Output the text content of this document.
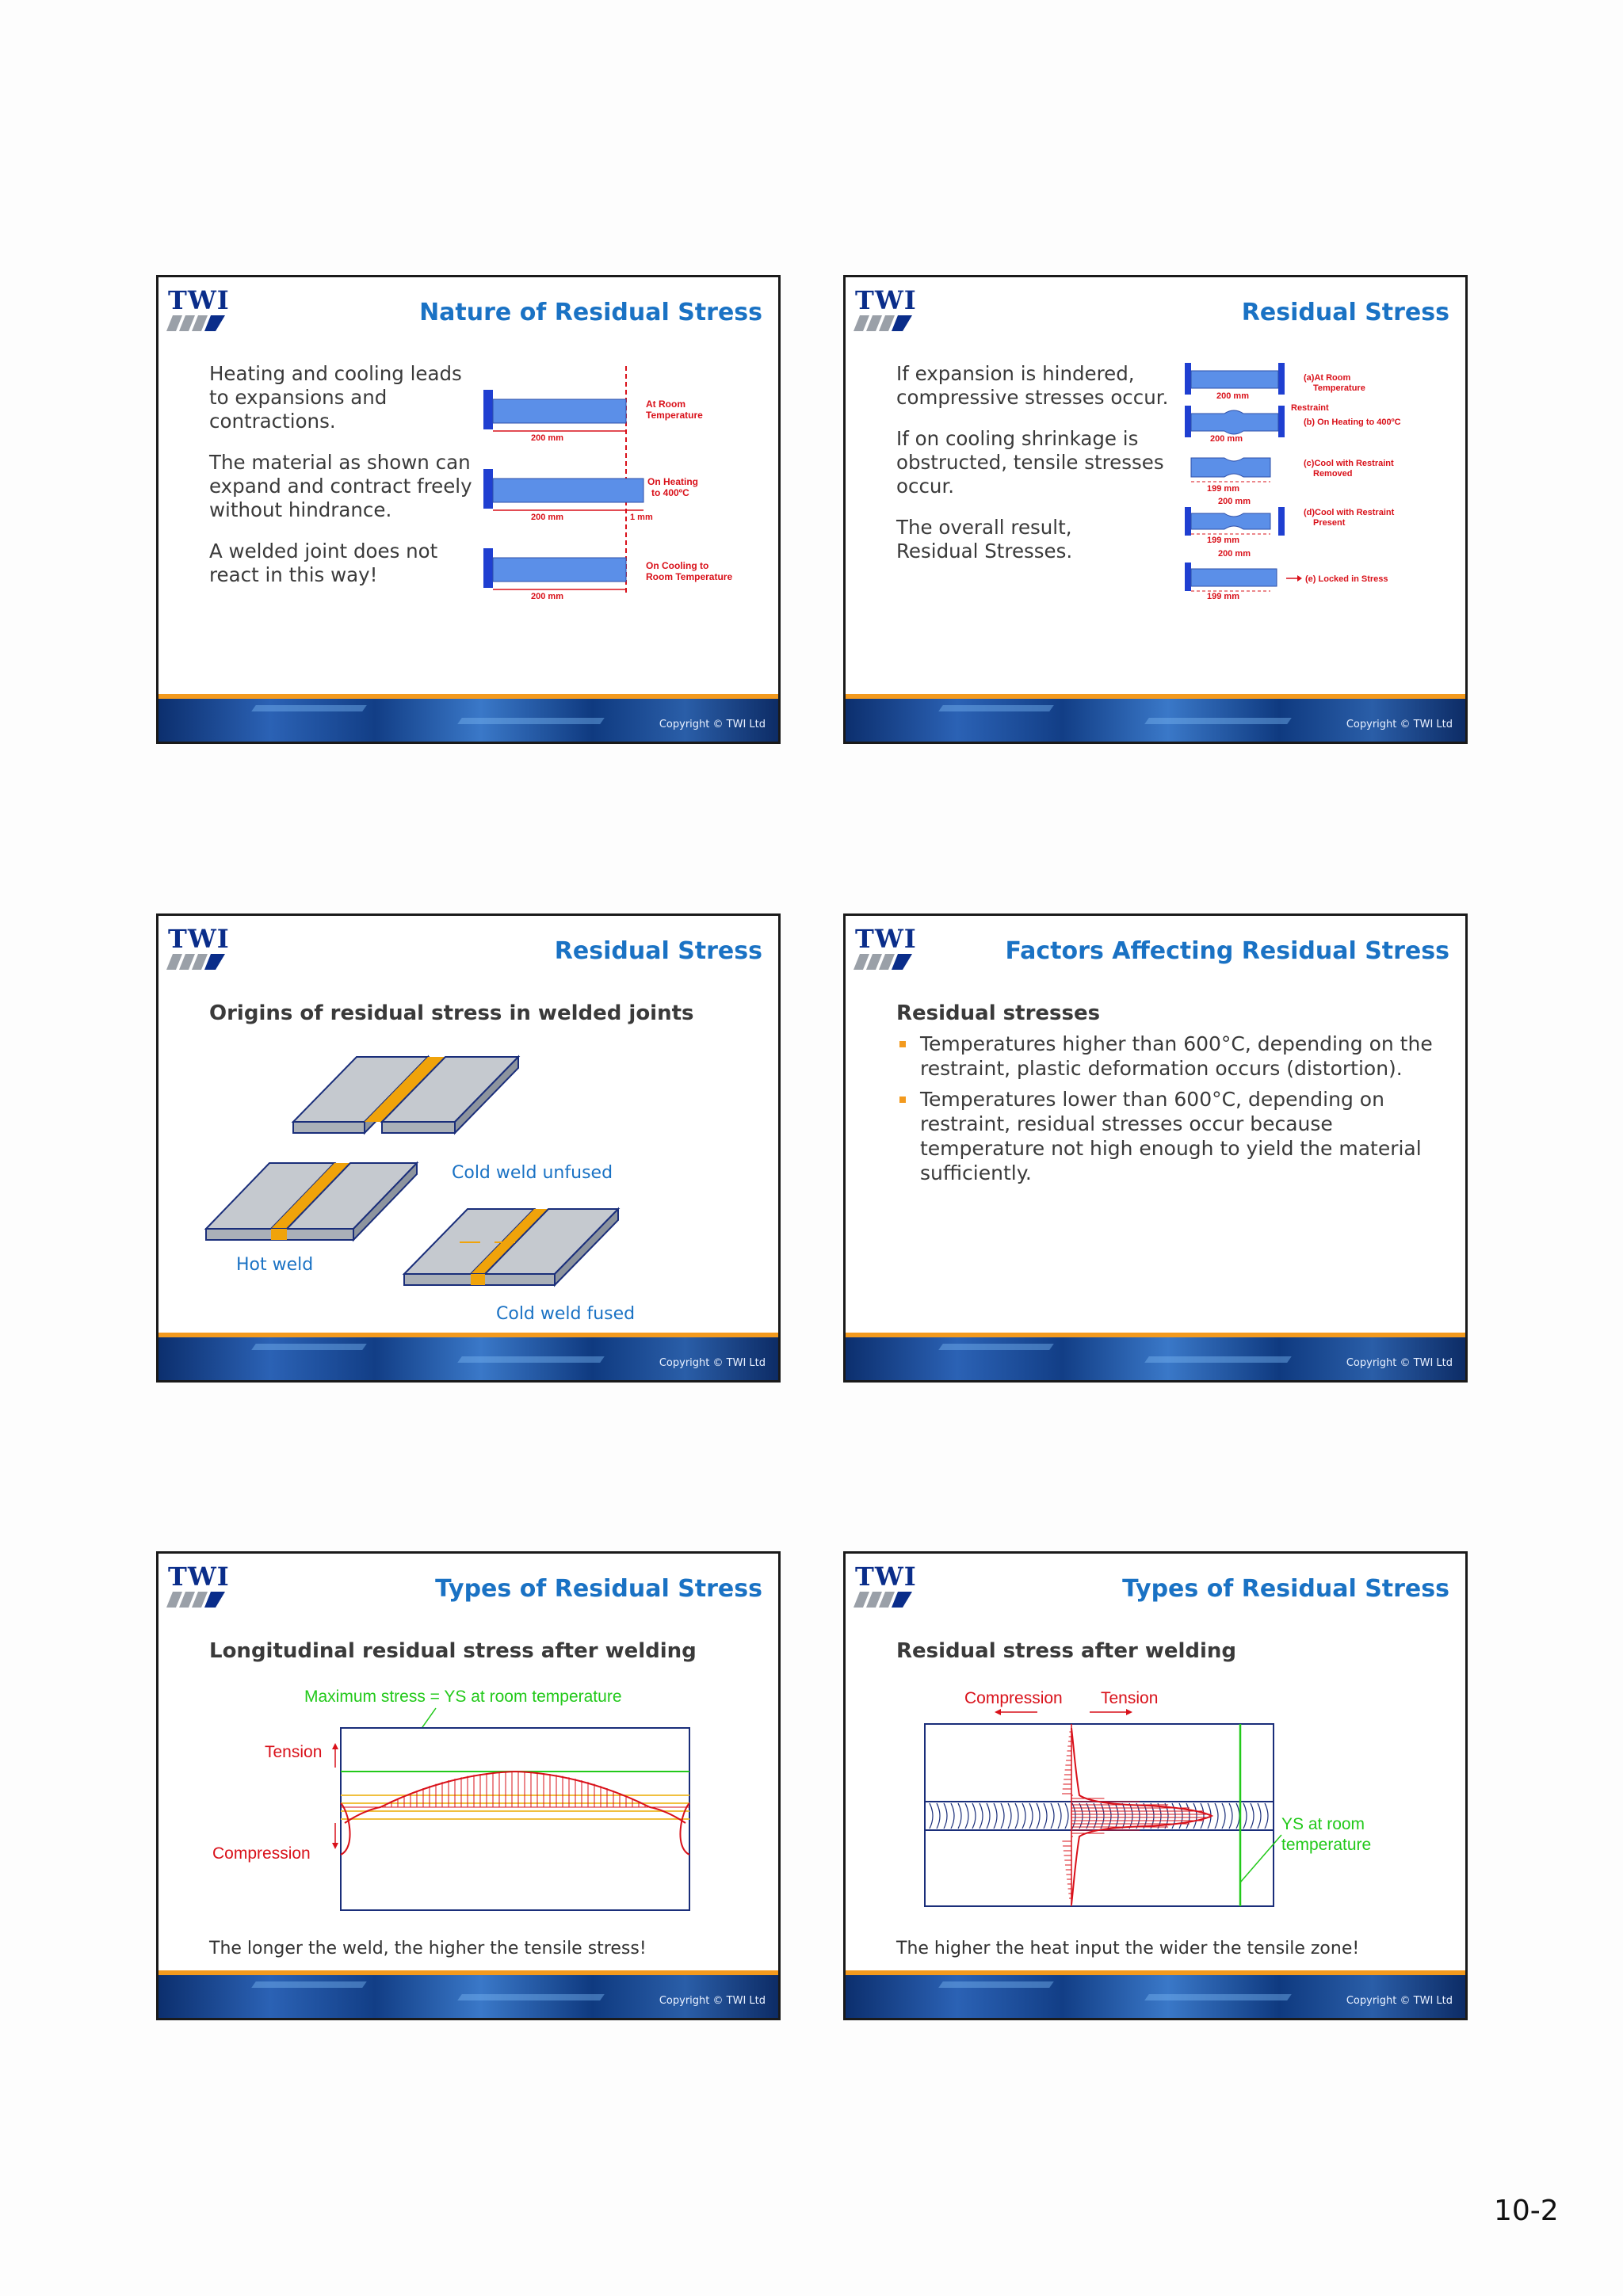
TWI	Nature of Residual Stress

Heating and cooling leads to expansions and contractions.

The material as shown can expand and contract freely without hindrance.

A welded joint does not react in this way!

200 mm
At Room
Temperature
200 mm	1 mm
On Heating
to 400ºC
200 mm
On Cooling to
Room Temperature
Copyright © TWI Ltd
TWI	Residual Stress

If expansion is hindered, compressive stresses occur.

If on cooling shrinkage is obstructed, tensile stresses occur.

The overall result, Residual Stresses.

200 mm
(a)At Room
Temperature
Restraint
200 mm
(b) On Heating to 400ºC
199 mm
(c)Cool with Restraint
Removed
200 mm
199 mm
(d)Cool with Restraint
Present
200 mm
199 mm
(e) Locked in Stress
Copyright © TWI Ltd
TWI	Residual Stress

Origins of residual stress in welded joints

Cold weld unfused
Hot weld
Cold weld fused
Copyright © TWI Ltd
TWI	Factors Affecting Residual Stress

Residual stresses

Temperatures higher than 600°C, depending on the restraint, plastic deformation occurs (distortion).
Temperatures lower than 600°C, depending on restraint, residual stresses occur because temperature not high enough to yield the material sufficiently.
Copyright © TWI Ltd
TWI	Types of Residual Stress

Longitudinal residual stress after welding

Maximum stress = YS at room temperature
Tension
Compression
The longer the weld, the higher the tensile stress!
Copyright © TWI Ltd
TWI	Types of Residual Stress

Residual stress after welding

Compression Tension
YS at room
temperature
The higher the heat input the wider the tensile zone!
Copyright © TWI Ltd
10-2
